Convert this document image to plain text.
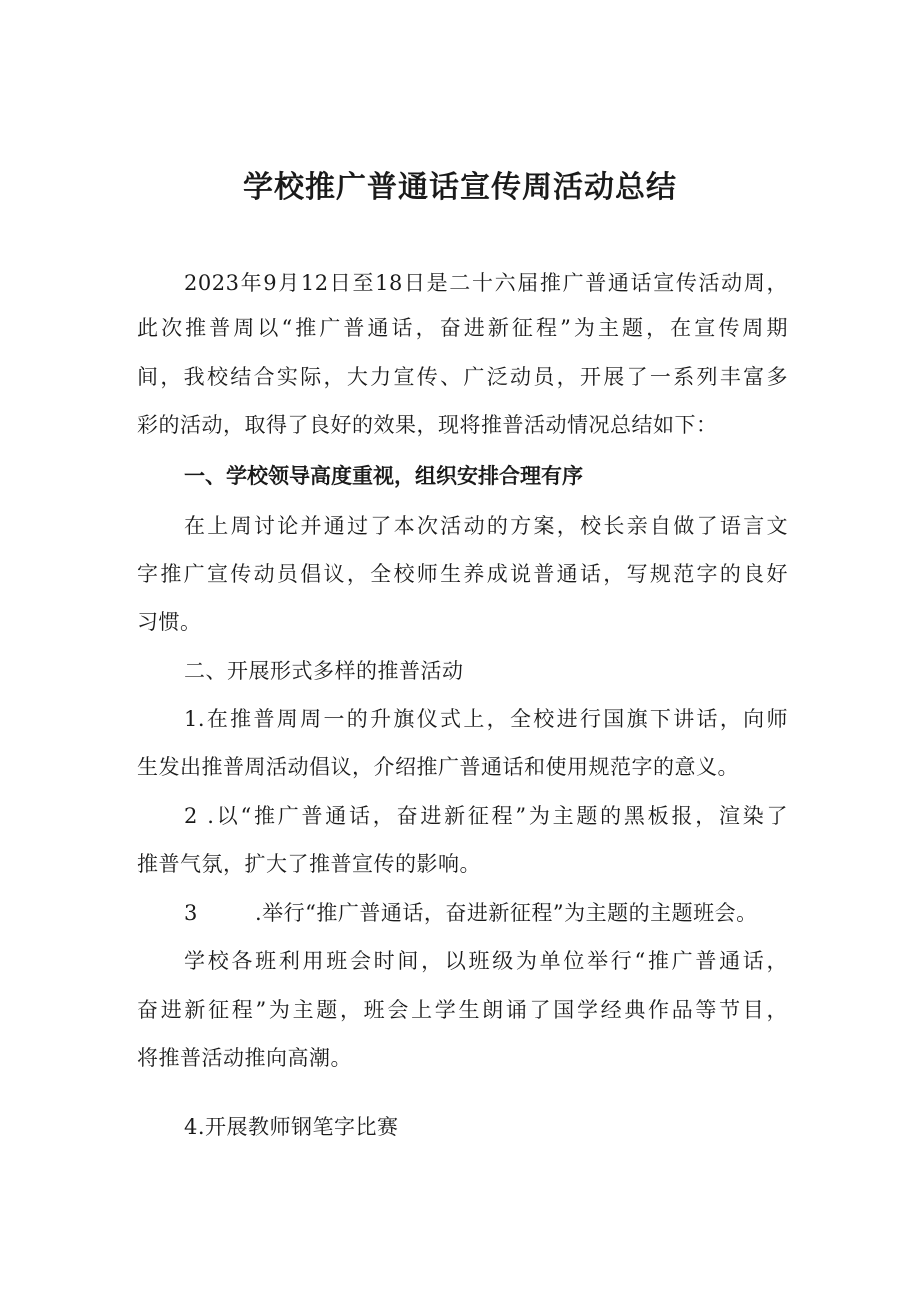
学校推广普通话宣传周活动总结
2023年9月12日至18日是二十六届推广普通话宣传活动周，
此次推普周以“推广普通话，奋进新征程”为主题，在宣传周期
间，我校结合实际，大力宣传、广泛动员，开展了一系列丰富多
彩的活动，取得了良好的效果，现将推普活动情况总结如下：
一、学校领导高度重视，组织安排合理有序
在上周讨论并通过了本次活动的方案，校长亲自做了语言文
字推广宣传动员倡议，全校师生养成说普通话，写规范字的良好
习惯。
二、开展形式多样的推普活动
1.在推普周周一的升旗仪式上，全校进行国旗下讲话，向师
生发出推普周活动倡议，介绍推广普通话和使用规范字的意义。
2 .以“推广普通话，奋进新征程”为主题的黑板报，渲染了
推普气氛，扩大了推普宣传的影响。
3	.举行“推广普通话，奋进新征程”为主题的主题班会。
学校各班利用班会时间，以班级为单位举行“推广普通话，
奋进新征程”为主题，班会上学生朗诵了国学经典作品等节目，
将推普活动推向高潮。
4.开展教师钢笔字比赛
